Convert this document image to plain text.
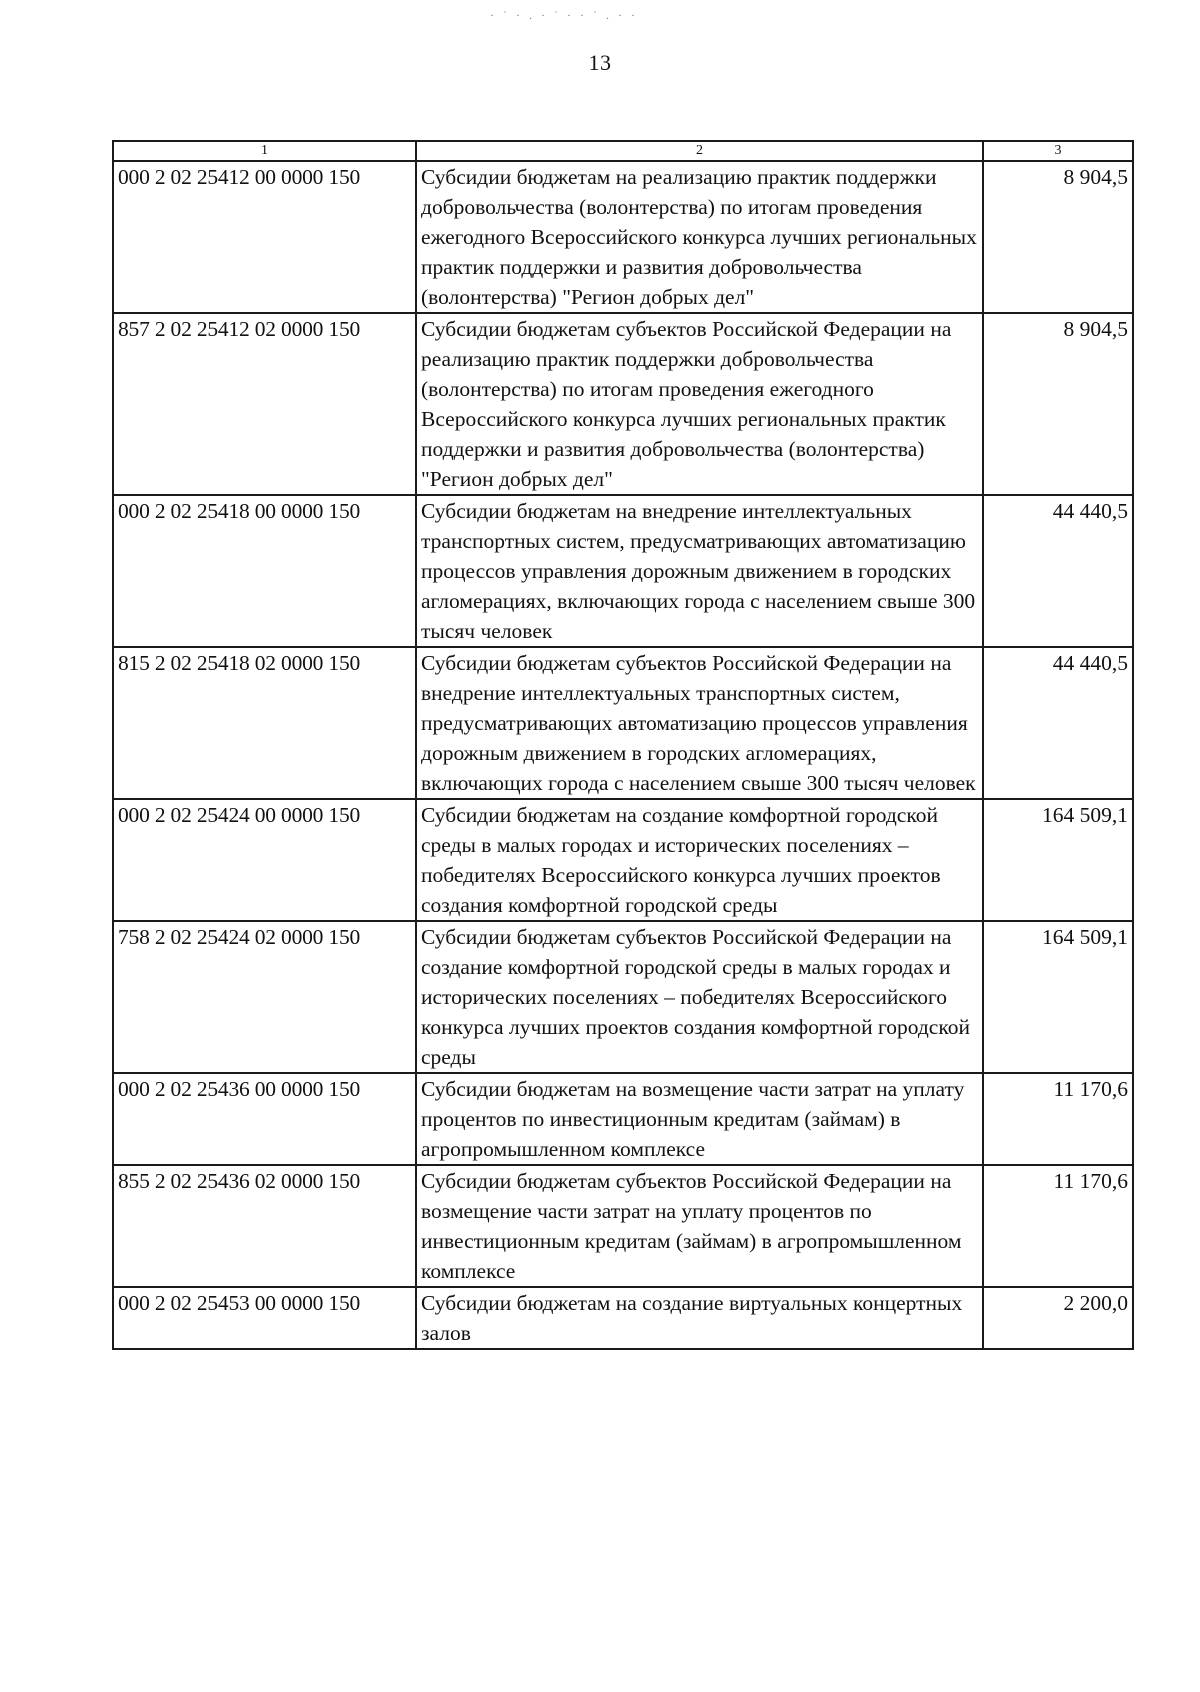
· ˙ · . · ˙ · · ˙ . · ·
13
1	2	3
000 2 02 25412 00 0000 150	Субсидии бюджетам на реализацию практик поддержки добровольчества (волонтерства) по итогам проведения ежегодного Всероссийского конкурса лучших региональных практик поддержки и развития добровольчества (волонтерства) "Регион добрых дел"	8 904,5
857 2 02 25412 02 0000 150	Субсидии бюджетам субъектов Российской Федерации на реализацию практик поддержки добровольчества (волонтерства) по итогам проведения ежегодного Всероссийского конкурса лучших региональных практик поддержки и развития добровольчества (волонтерства) "Регион добрых дел"	8 904,5
000 2 02 25418 00 0000 150	Субсидии бюджетам на внедрение интеллектуальных транспортных систем, предусматривающих автоматизацию процессов управления дорожным движением в городских агломерациях, включающих города с населением свыше 300 тысяч человек	44 440,5
815 2 02 25418 02 0000 150	Субсидии бюджетам субъектов Российской Федерации на внедрение интеллектуальных транспортных систем, предусматривающих автоматизацию процессов управления дорожным движением в городских агломерациях, включающих города с населением свыше 300 тысяч человек	44 440,5
000 2 02 25424 00 0000 150	Субсидии бюджетам на создание комфортной городской среды в малых городах и исторических поселениях – победителях Всероссийского конкурса лучших проектов создания комфортной городской среды	164 509,1
758 2 02 25424 02 0000 150	Субсидии бюджетам субъектов Российской Федерации на создание комфортной городской среды в малых городах и исторических поселениях – победителях Всероссийского конкурса лучших проектов создания комфортной городской среды	164 509,1
000 2 02 25436 00 0000 150	Субсидии бюджетам на возмещение части затрат на уплату процентов по инвестиционным кредитам (займам) в агропромышленном комплексе	11 170,6
855 2 02 25436 02 0000 150	Субсидии бюджетам субъектов Российской Федерации на возмещение части затрат на уплату процентов по инвестиционным кредитам (займам) в агропромышленном комплексе	11 170,6
000 2 02 25453 00 0000 150	Субсидии бюджетам на создание виртуальных концертных залов	2 200,0
